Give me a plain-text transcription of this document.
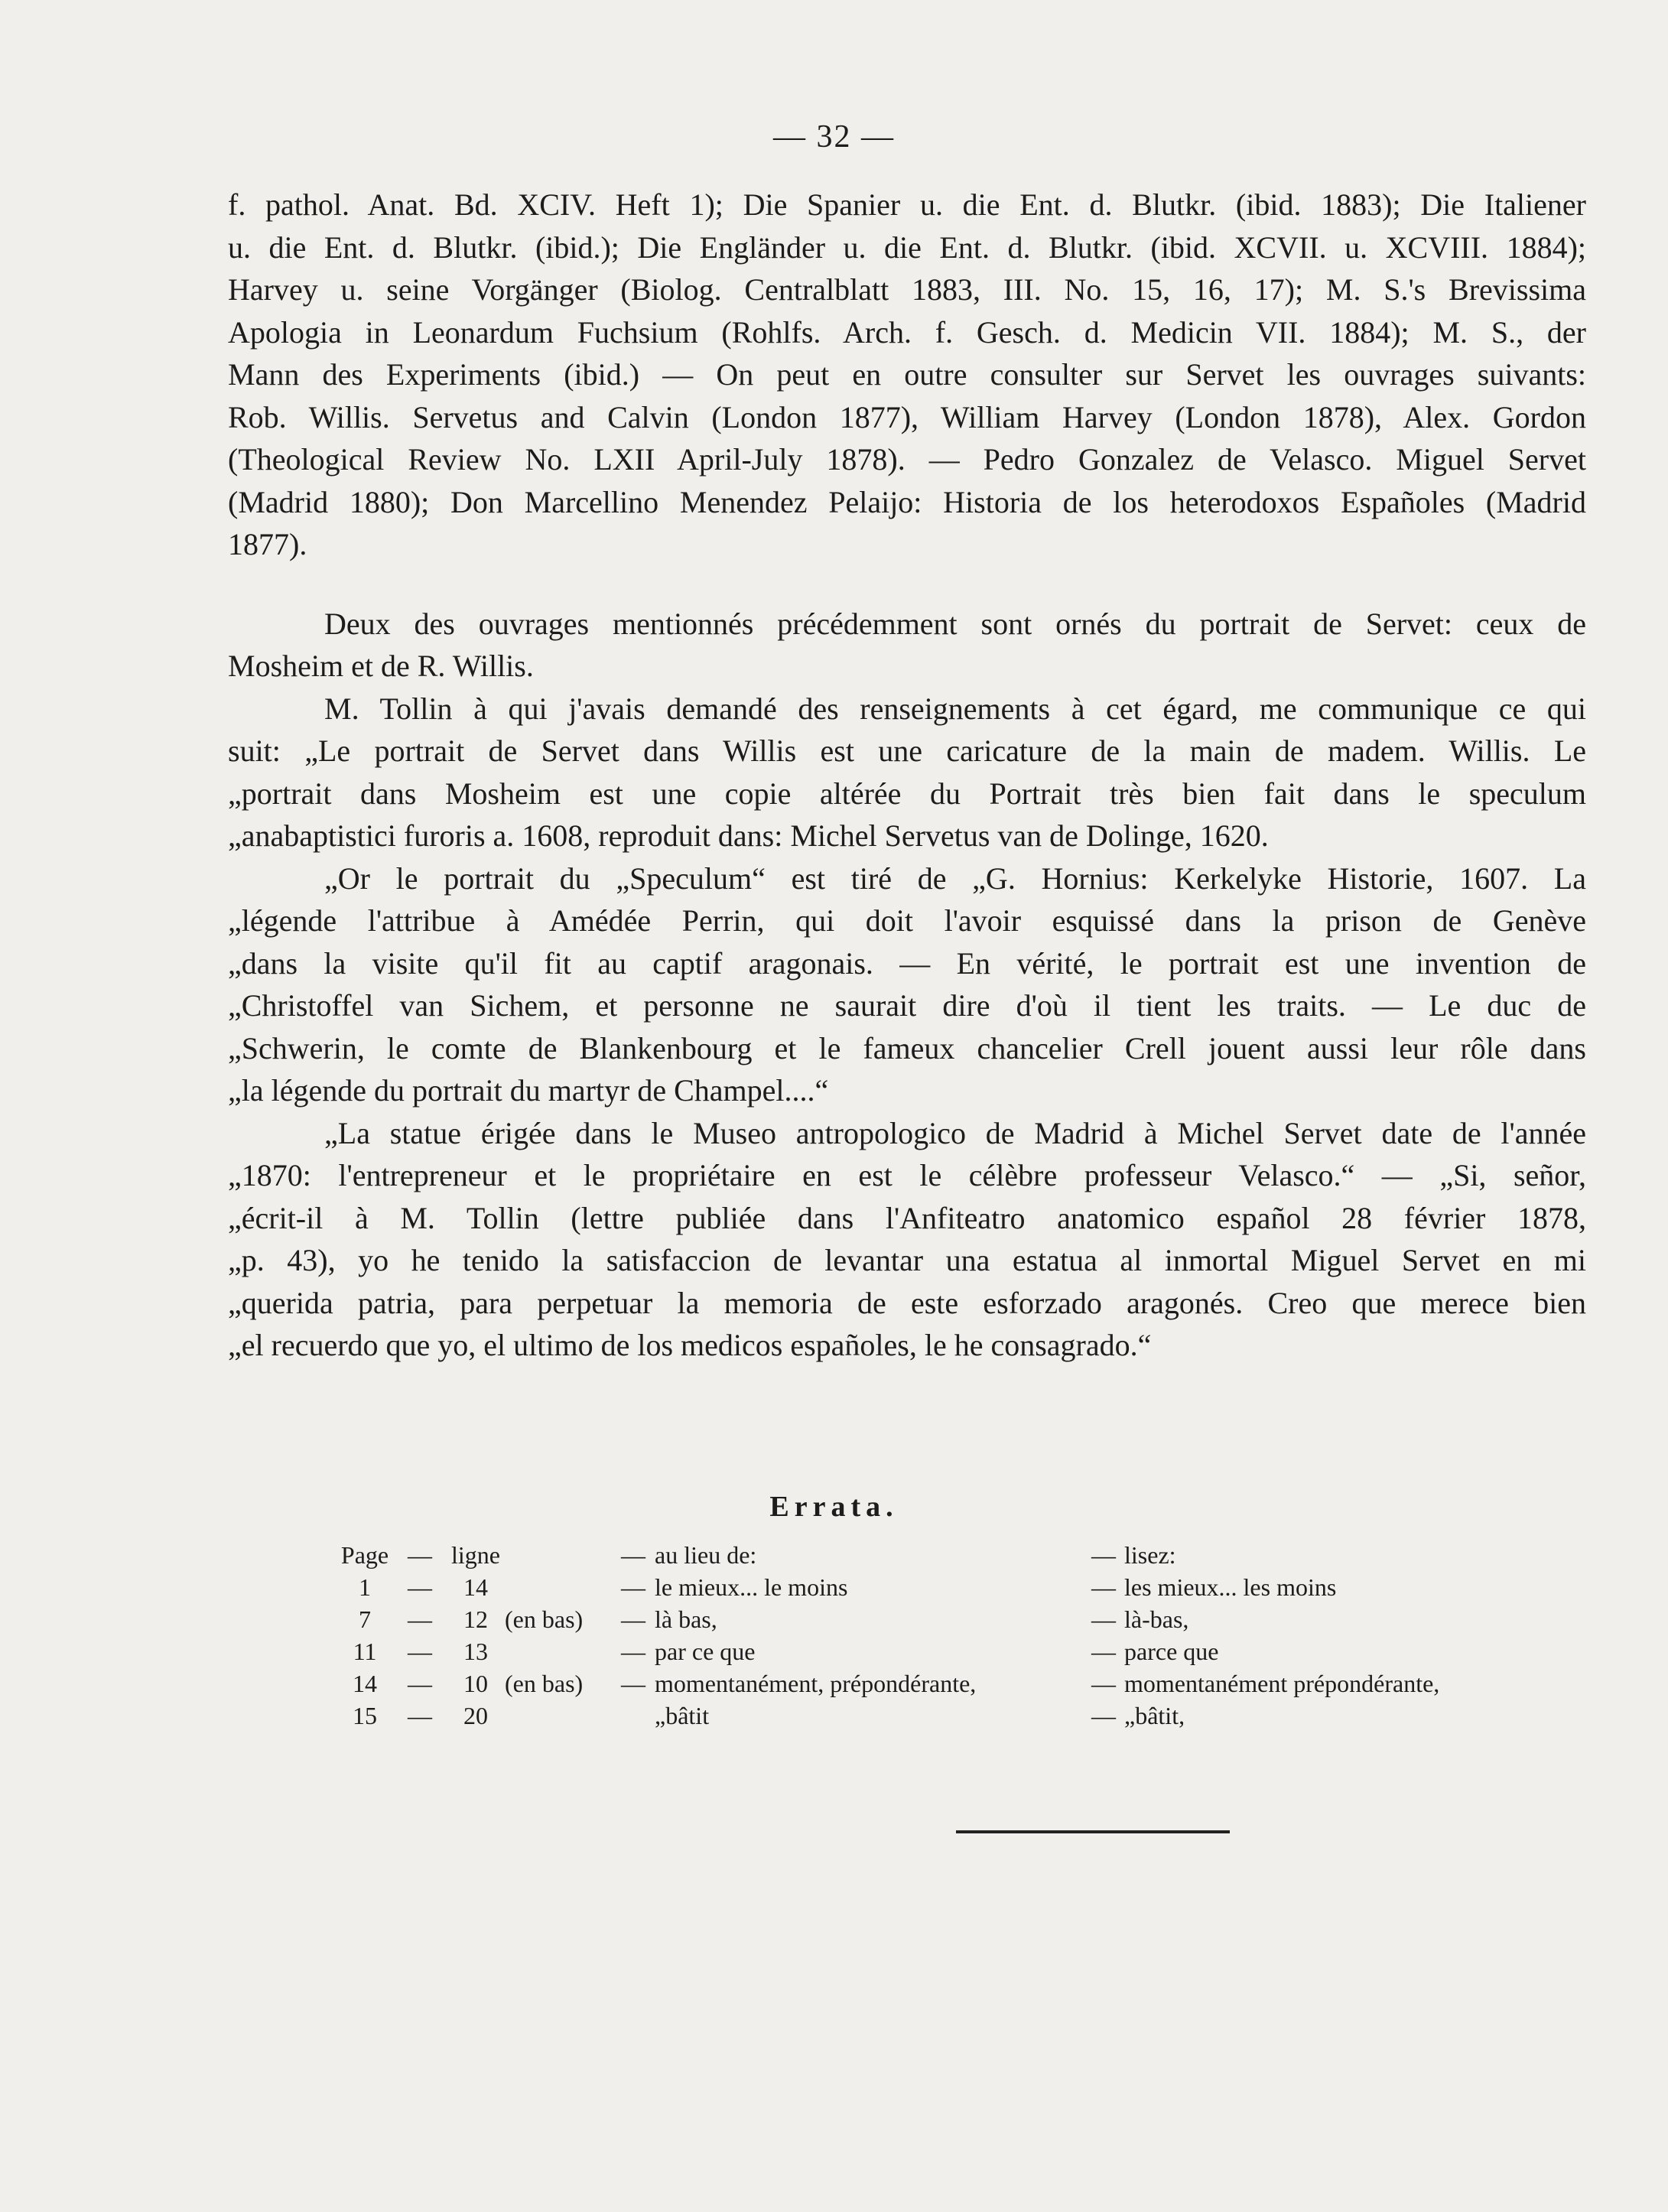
— 32 —
f. pathol. Anat. Bd. XCIV. Heft 1); Die Spanier u. die Ent. d. Blutkr. (ibid. 1883); Die Italiener
u. die Ent. d. Blutkr. (ibid.); Die Engländer u. die Ent. d. Blutkr. (ibid. XCVII. u. XCVIII. 1884);
Harvey u. seine Vorgänger (Biolog. Centralblatt 1883, III. No. 15, 16, 17); M. S.'s Brevissima
Apologia in Leonardum Fuchsium (Rohlfs. Arch. f. Gesch. d. Medicin VII. 1884); M. S., der
Mann des Experiments (ibid.) — On peut en outre consulter sur Servet les ouvrages suivants:
Rob. Willis. Servetus and Calvin (London 1877), William Harvey (London 1878), Alex. Gordon
(Theological Review No. LXII April-July 1878). — Pedro Gonzalez de Velasco. Miguel Servet
(Madrid 1880); Don Marcellino Menendez Pelaijo: Historia de los heterodoxos Españoles (Madrid
1877).
Deux des ouvrages mentionnés précédemment sont ornés du portrait de Servet: ceux de
Mosheim et de R. Willis.
M. Tollin à qui j'avais demandé des renseignements à cet égard, me communique ce qui
suit: „Le portrait de Servet dans Willis est une caricature de la main de madem. Willis. Le
„portrait dans Mosheim est une copie altérée du Portrait très bien fait dans le speculum
„anabaptistici furoris a. 1608, reproduit dans: Michel Servetus van de Dolinge, 1620.
„Or le portrait du „Speculum“ est tiré de „G. Hornius: Kerkelyke Historie, 1607. La
„légende l'attribue à Amédée Perrin, qui doit l'avoir esquissé dans la prison de Genève
„dans la visite qu'il fit au captif aragonais. — En vérité, le portrait est une invention de
„Christoffel van Sichem, et personne ne saurait dire d'où il tient les traits. — Le duc de
„Schwerin, le comte de Blankenbourg et le fameux chancelier Crell jouent aussi leur rôle dans
„la légende du portrait du martyr de Champel....“
„La statue érigée dans le Museo antropologico de Madrid à Michel Servet date de l'année
„1870: l'entrepreneur et le propriétaire en est le célèbre professeur Velasco.“ — „Si, señor,
„écrit-il à M. Tollin (lettre publiée dans l'Anfiteatro anatomico español 28 février 1878,
„p. 43), yo he tenido la satisfaccion de levantar una estatua al inmortal Miguel Servet en mi
„querida patria, para perpetuar la memoria de este esforzado aragonés. Creo que merece bien
„el recuerdo que yo, el ultimo de los medicos españoles, le he consagrado.“
Errata.
Page	—	ligne		—	au lieu de:	—	lisez:
1	—	14		—	le mieux... le moins	—	les mieux... les moins
7	—	12	(en bas)	—	là bas,	—	là-bas,
11	—	13		—	par ce que	—	parce que
14	—	10	(en bas)	—	momentanément, prépondérante,	—	momentanément prépondérante,
15	—	20			„bâtit	—	„bâtit,
